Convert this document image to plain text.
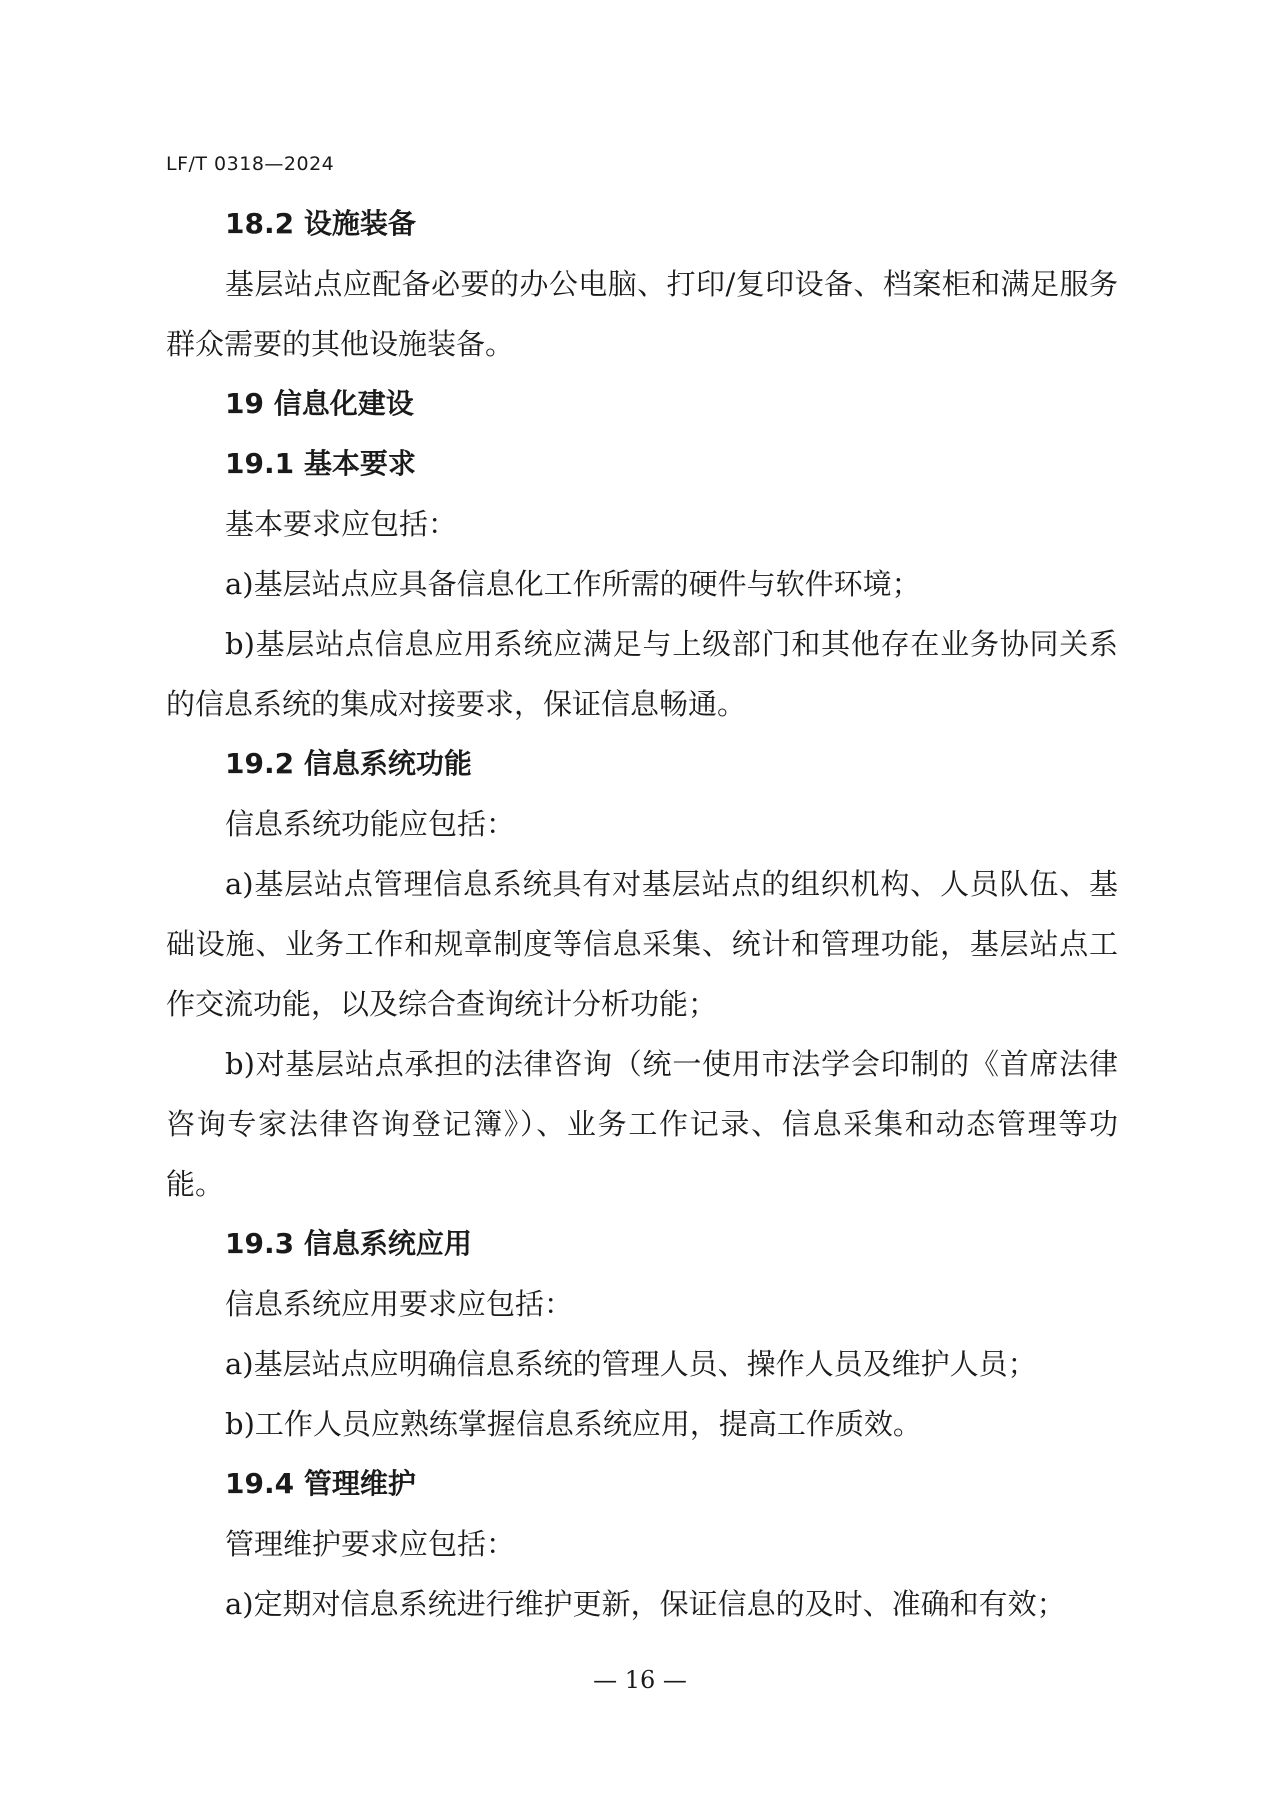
LF/T 0318—2024

18.2 设施装备

基层站点应配备必要的办公电脑、打印/复印设备、档案柜和满足服务群众需要的其他设施装备。

19 信息化建设

19.1 基本要求

基本要求应包括：

a)基层站点应具备信息化工作所需的硬件与软件环境；

b)基层站点信息应用系统应满足与上级部门和其他存在业务协同关系的信息系统的集成对接要求，保证信息畅通。

19.2 信息系统功能

信息系统功能应包括：

a)基层站点管理信息系统具有对基层站点的组织机构、人员队伍、基础设施、业务工作和规章制度等信息采集、统计和管理功能，基层站点工作交流功能，以及综合查询统计分析功能；

b)对基层站点承担的法律咨询（统一使用市法学会印制的《首席法律咨询专家法律咨询登记簿》）、业务工作记录、信息采集和动态管理等功能。

19.3 信息系统应用

信息系统应用要求应包括：

a)基层站点应明确信息系统的管理人员、操作人员及维护人员；

b)工作人员应熟练掌握信息系统应用，提高工作质效。

19.4 管理维护

管理维护要求应包括：

a)定期对信息系统进行维护更新，保证信息的及时、准确和有效；

— 16 —
